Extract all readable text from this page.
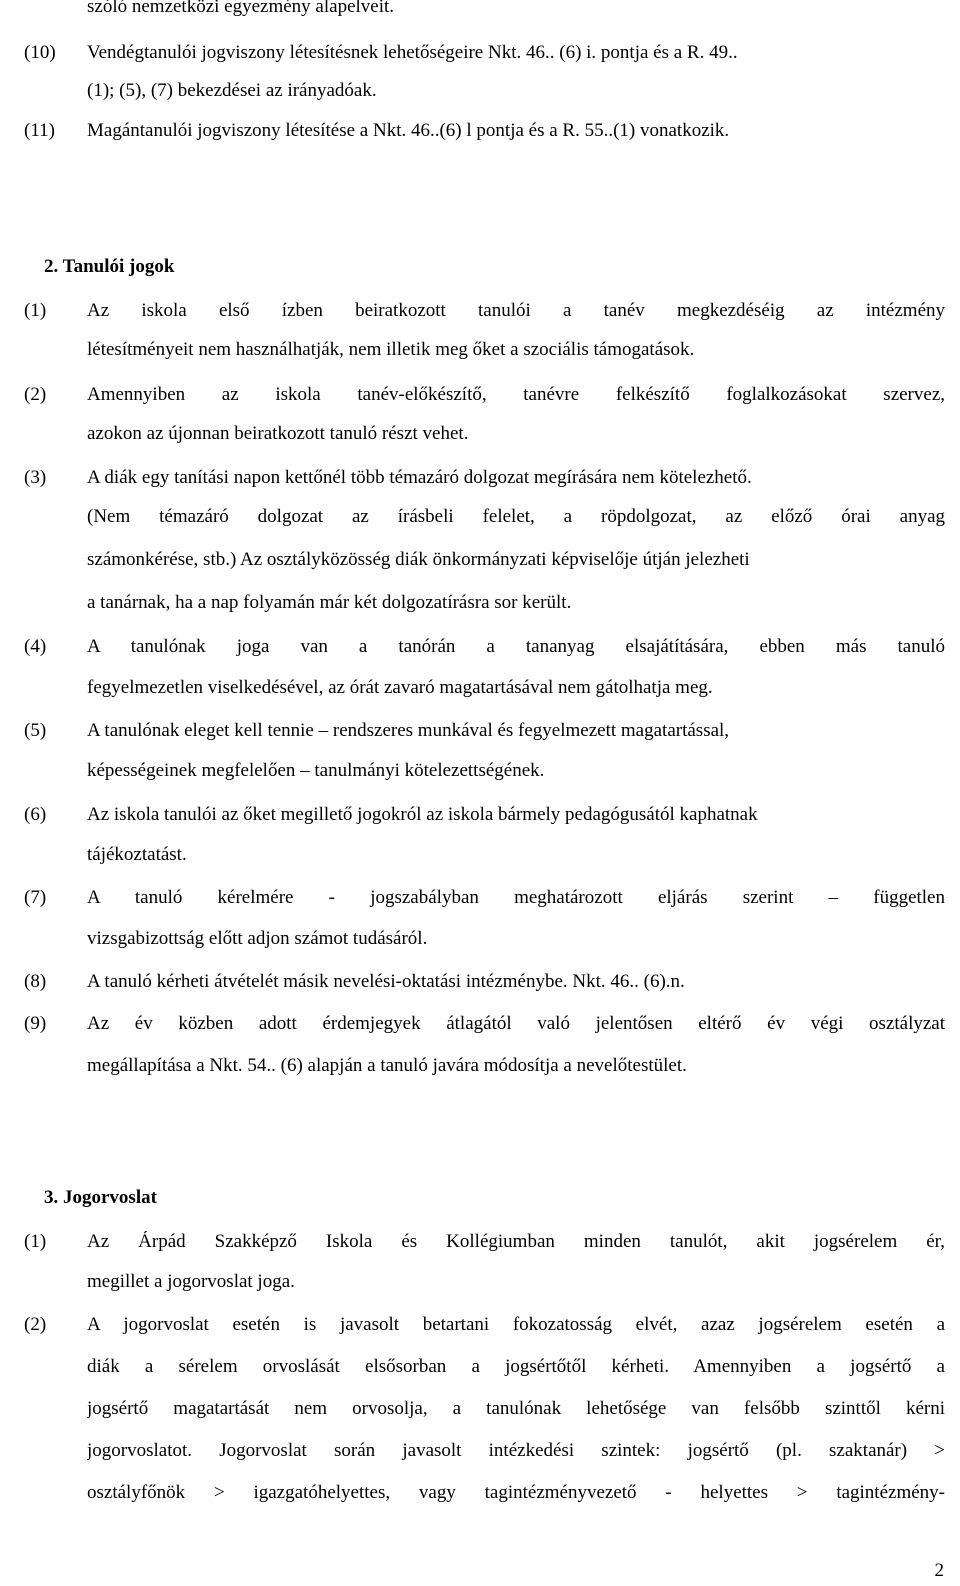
szóló nemzetközi egyezmény alapelveit.
(10) Vendégtanulói jogviszony létesítésnek lehetőségeire Nkt. 46.. (6) i. pontja és a R. 49..
(1); (5), (7) bekezdései az irányadóak.
(11) Magántanulói jogviszony létesítése a Nkt. 46..(6) l pontja és a R. 55..(1) vonatkozik.
2. Tanulói jogok
(1) Az iskola első ízben beiratkozott tanulói a tanév megkezdéséig az intézmény
létesítményeit nem használhatják, nem illetik meg őket a szociális támogatások.
(2) Amennyiben az iskola tanév-előkészítő, tanévre felkészítő foglalkozásokat szervez,
azokon az újonnan beiratkozott tanuló részt vehet.
(3) A diák egy tanítási napon kettőnél több témazáró dolgozat megírására nem kötelezhető.
(Nem témazáró dolgozat az írásbeli felelet, a röpdolgozat, az előző órai anyag
számonkérése, stb.) Az osztályközösség diák önkormányzati képviselője útján jelezheti
a tanárnak, ha a nap folyamán már két dolgozatírásra sor került.
(4) A tanulónak joga van a tanórán a tananyag elsajátítására, ebben más tanuló
fegyelmezetlen viselkedésével, az órát zavaró magatartásával nem gátolhatja meg.
(5) A tanulónak eleget kell tennie – rendszeres munkával és fegyelmezett magatartással,
képességeinek megfelelően – tanulmányi kötelezettségének.
(6) Az iskola tanulói az őket megillető jogokról az iskola bármely pedagógusától kaphatnak
tájékoztatást.
(7) A tanuló kérelmére - jogszabályban meghatározott eljárás szerint – független
vizsgabizottság előtt adjon számot tudásáról.
(8) A tanuló kérheti átvételét másik nevelési-oktatási intézménybe. Nkt. 46.. (6).n.
(9) Az év közben adott érdemjegyek átlagától való jelentősen eltérő év végi osztályzat
megállapítása a Nkt. 54.. (6) alapján a tanuló javára módosítja a nevelőtestület.
3. Jogorvoslat
(1) Az Árpád Szakképző Iskola és Kollégiumban minden tanulót, akit jogsérelem ér,
megillet a jogorvoslat joga.
(2) A jogorvoslat esetén is javasolt betartani fokozatosság elvét, azaz jogsérelem esetén a
diák a sérelem orvoslását elsősorban a jogsértőtől kérheti. Amennyiben a jogsértő a
jogsértő magatartását nem orvosolja, a tanulónak lehetősége van felsőbb szinttől kérni
jogorvoslatot. Jogorvoslat során javasolt intézkedési szintek: jogsértő (pl. szaktanár) >
osztályfőnök > igazgatóhelyettes, vagy tagintézményvezető - helyettes > tagintézmény-
2
